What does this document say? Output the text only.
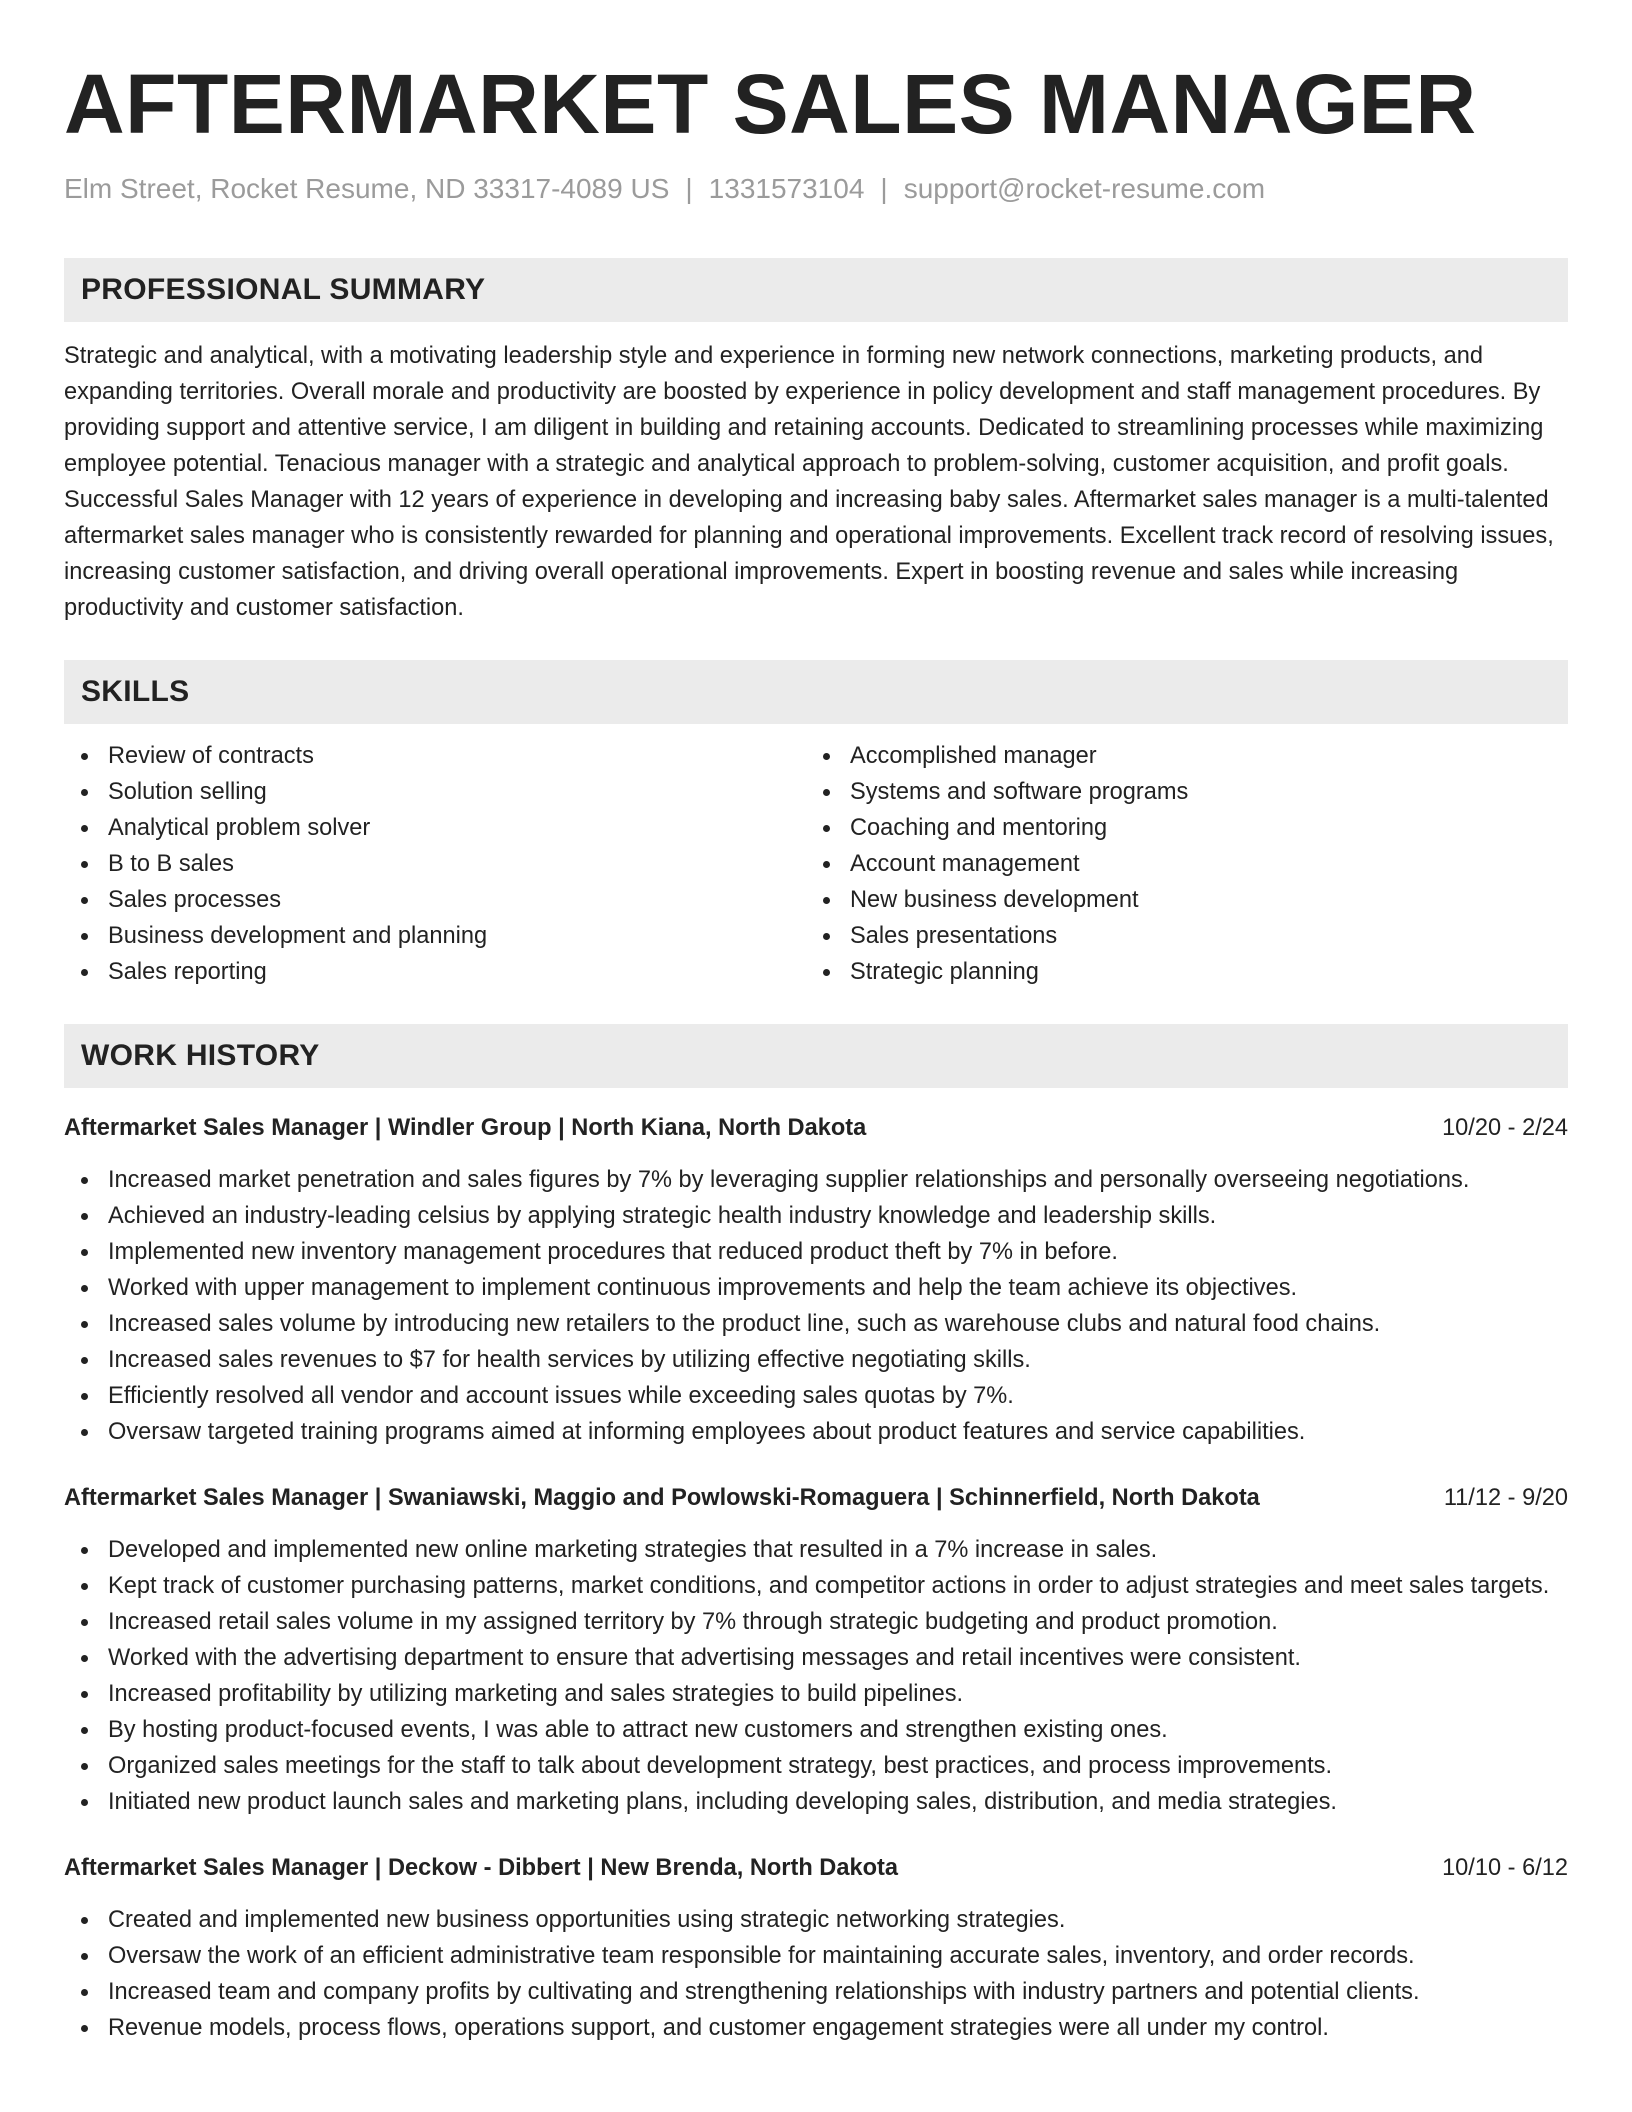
AFTERMARKET SALES MANAGER
Elm Street, Rocket Resume, ND 33317-4089 US | 1331573104 | support@rocket-resume.com
PROFESSIONAL SUMMARY
Strategic and analytical, with a motivating leadership style and experience in forming new network connections, marketing products, and expanding territories. Overall morale and productivity are boosted by experience in policy development and staff management procedures. By providing support and attentive service, I am diligent in building and retaining accounts. Dedicated to streamlining processes while maximizing employee potential. Tenacious manager with a strategic and analytical approach to problem-solving, customer acquisition, and profit goals. Successful Sales Manager with 12 years of experience in developing and increasing baby sales. Aftermarket sales manager is a multi-talented aftermarket sales manager who is consistently rewarded for planning and operational improvements. Excellent track record of resolving issues, increasing customer satisfaction, and driving overall operational improvements. Expert in boosting revenue and sales while increasing productivity and customer satisfaction.
SKILLS
Review of contracts
Solution selling
Analytical problem solver
B to B sales
Sales processes
Business development and planning
Sales reporting
Accomplished manager
Systems and software programs
Coaching and mentoring
Account management
New business development
Sales presentations
Strategic planning
WORK HISTORY
Aftermarket Sales Manager | Windler Group | North Kiana, North Dakota	10/20 - 2/24
Increased market penetration and sales figures by 7% by leveraging supplier relationships and personally overseeing negotiations.
Achieved an industry-leading celsius by applying strategic health industry knowledge and leadership skills.
Implemented new inventory management procedures that reduced product theft by 7% in before.
Worked with upper management to implement continuous improvements and help the team achieve its objectives.
Increased sales volume by introducing new retailers to the product line, such as warehouse clubs and natural food chains.
Increased sales revenues to $7 for health services by utilizing effective negotiating skills.
Efficiently resolved all vendor and account issues while exceeding sales quotas by 7%.
Oversaw targeted training programs aimed at informing employees about product features and service capabilities.
Aftermarket Sales Manager | Swaniawski, Maggio and Powlowski-Romaguera | Schinnerfield, North Dakota	11/12 - 9/20
Developed and implemented new online marketing strategies that resulted in a 7% increase in sales.
Kept track of customer purchasing patterns, market conditions, and competitor actions in order to adjust strategies and meet sales targets.
Increased retail sales volume in my assigned territory by 7% through strategic budgeting and product promotion.
Worked with the advertising department to ensure that advertising messages and retail incentives were consistent.
Increased profitability by utilizing marketing and sales strategies to build pipelines.
By hosting product-focused events, I was able to attract new customers and strengthen existing ones.
Organized sales meetings for the staff to talk about development strategy, best practices, and process improvements.
Initiated new product launch sales and marketing plans, including developing sales, distribution, and media strategies.
Aftermarket Sales Manager | Deckow - Dibbert | New Brenda, North Dakota	10/10 - 6/12
Created and implemented new business opportunities using strategic networking strategies.
Oversaw the work of an efficient administrative team responsible for maintaining accurate sales, inventory, and order records.
Increased team and company profits by cultivating and strengthening relationships with industry partners and potential clients.
Revenue models, process flows, operations support, and customer engagement strategies were all under my control.
